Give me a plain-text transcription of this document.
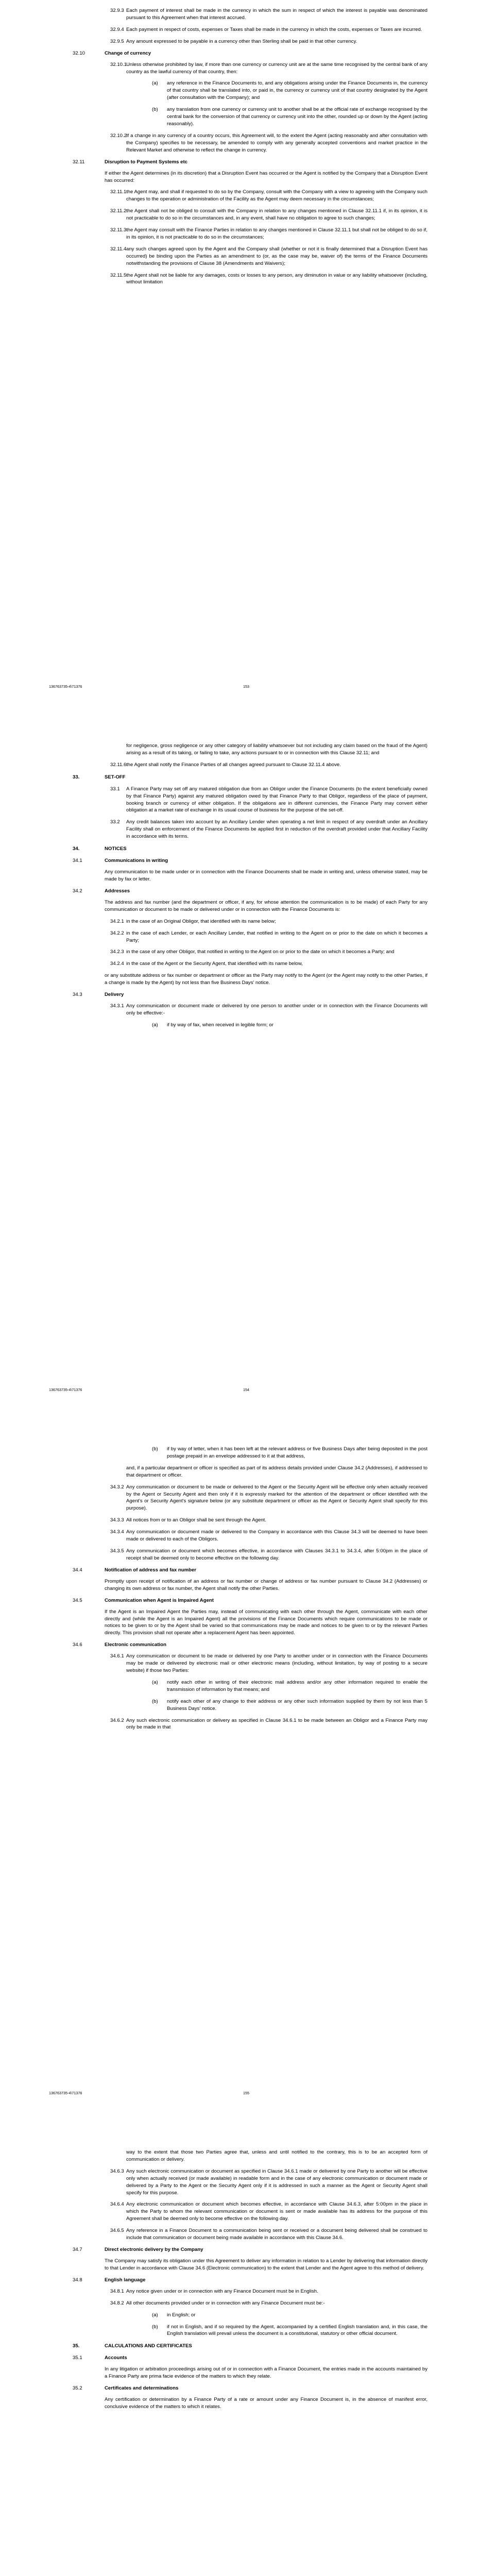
32.9.3 Each payment of interest shall be made in the currency in which the sum in respect of which the interest is payable was denominated pursuant to this Agreement when that interest accrued.
32.9.4 Each payment in respect of costs, expenses or Taxes shall be made in the currency in which the costs, expenses or Taxes are incurred.
32.9.5 Any amount expressed to be payable in a currency other than Sterling shall be paid in that other currency.
32.10	Change of currency
32.10.1
Unless otherwise prohibited by law, if more than one currency or currency unit are at the same time recognised by the central bank of any country as the lawful currency of that country, then:
(a) any reference in the Finance Documents to, and any obligations arising under the Finance Documents in, the currency of that country shall be translated into, or paid in, the currency or currency unit of that country designated by the Agent (after consultation with the Company); and
(b) any translation from one currency or currency unit to another shall be at the official rate of exchange recognised by the central bank for the conversion of that currency or currency unit into the other, rounded up or down by the Agent (acting reasonably).
32.10.2
If a change in any currency of a country occurs, this Agreement will, to the extent the Agent (acting reasonably and after consultation with the Company) specifies to be necessary, be amended to comply with any generally accepted conventions and market practice in the Relevant Market and otherwise to reflect the change in currency.
32.11	Disruption to Payment Systems etc
If either the Agent determines (in its discretion) that a Disruption Event has occurred or the Agent is notified by the Company that a Disruption Event has occurred:
32.11.1 the Agent may, and shall if requested to do so by the Company, consult with the Company with a view to agreeing with the Company such changes to the operation or administration of the Facility as the Agent may deem necessary in the circumstances;
32.11.2 the Agent shall not be obliged to consult with the Company in relation to any changes mentioned in Clause 32.11.1 if, in its opinion, it is not practicable to do so in the circumstances and, in any event, shall have no obligation to agree to such changes;
32.11.3 the Agent may consult with the Finance Parties in relation to any changes mentioned in Clause 32.11.1 but shall not be obliged to do so if, in its opinion, it is not practicable to do so in the circumstances;
32.11.4 any such changes agreed upon by the Agent and the Company shall (whether or not it is finally determined that a Disruption Event has occurred) be binding upon the Parties as an amendment to (or, as the case may be, waiver of) the terms of the Finance Documents notwithstanding the provisions of Clause 38 (Amendments and Waivers);
32.11.5 the Agent shall not be liable for any damages, costs or losses to any person, any diminution in value or any liability whatsoever (including, without limitation
136763735-4\71376	153
for negligence, gross negligence or any other category of liability whatsoever but not including any claim based on the fraud of the Agent) arising as a result of its taking, or failing to take, any actions pursuant to or in connection with this Clause 32.11; and
32.11.6 the Agent shall notify the Finance Parties of all changes agreed pursuant to Clause 32.11.4 above.
33.	SET-OFF
33.1 A Finance Party may set off any matured obligation due from an Obligor under the Finance Documents (to the extent beneficially owned by that Finance Party) against any matured obligation owed by that Finance Party to that Obligor, regardless of the place of payment, booking branch or currency of either obligation. If the obligations are in different currencies, the Finance Party may convert either obligation at a market rate of exchange in its usual course of business for the purpose of the set-off.
33.2 Any credit balances taken into account by an Ancillary Lender when operating a net limit in respect of any overdraft under an Ancillary Facility shall on enforcement of the Finance Documents be applied first in reduction of the overdraft provided under that Ancillary Facility in accordance with its terms.
34.	NOTICES
34.1	Communications in writing
Any communication to be made under or in connection with the Finance Documents shall be made in writing and, unless otherwise stated, may be made by fax or letter.
34.2	Addresses
The address and fax number (and the department or officer, if any, for whose attention the communication is to be made) of each Party for any communication or document to be made or delivered under or in connection with the Finance Documents is:
34.2.1 in the case of an Original Obligor, that identified with its name below;
34.2.2 in the case of each Lender, or each Ancillary Lender, that notified in writing to the Agent on or prior to the date on which it becomes a Party;
34.2.3 in the case of any other Obligor, that notified in writing to the Agent on or prior to the date on which it becomes a Party; and
34.2.4 in the case of the Agent or the Security Agent, that identified with its name below,
or any substitute address or fax number or department or officer as the Party may notify to the Agent (or the Agent may notify to the other Parties, if a change is made by the Agent) by not less than five Business Days' notice.
34.3	Delivery
34.3.1 Any communication or document made or delivered by one person to another under or in connection with the Finance Documents will only be effective:-
(a) if by way of fax, when received in legible form; or
136763735-4\71376	154
(b) if by way of letter, when it has been left at the relevant address or five Business Days after being deposited in the post postage prepaid in an envelope addressed to it at that address,
and, if a particular department or officer is specified as part of its address details provided under Clause 34.2 (Addresses), if addressed to that department or officer.
34.3.2 Any communication or document to be made or delivered to the Agent or the Security Agent will be effective only when actually received by the Agent or Security Agent and then only if it is expressly marked for the attention of the department or officer identified with the Agent's or Security Agent's signature below (or any substitute department or officer as the Agent or Security Agent shall specify for this purpose).
34.3.3 All notices from or to an Obligor shall be sent through the Agent.
34.3.4 Any communication or document made or delivered to the Company in accordance with this Clause 34.3 will be deemed to have been made or delivered to each of the Obligors.
34.3.5 Any communication or document which becomes effective, in accordance with Clauses 34.3.1 to 34.3.4, after 5:00pm in the place of receipt shall be deemed only to become effective on the following day.
34.4	Notification of address and fax number
Promptly upon receipt of notification of an address or fax number or change of address or fax number pursuant to Clause 34.2 (Addresses) or changing its own address or fax number, the Agent shall notify the other Parties.
34.5	Communication when Agent is Impaired Agent
If the Agent is an Impaired Agent the Parties may, instead of communicating with each other through the Agent, communicate with each other directly and (while the Agent is an Impaired Agent) all the provisions of the Finance Documents which require communications to be made or notices to be given to or by the Agent shall be varied so that communications may be made and notices to be given to or by the relevant Parties directly. This provision shall not operate after a replacement Agent has been appointed.
34.6	Electronic communication
34.6.1 Any communication or document to be made or delivered by one Party to another under or in connection with the Finance Documents may be made or delivered by electronic mail or other electronic means (including, without limitation, by way of posting to a secure website) if those two Parties:
(a) notify each other in writing of their electronic mail address and/or any other information required to enable the transmission of information by that means; and
(b) notify each other of any change to their address or any other such information supplied by them by not less than 5 Business Days' notice.
34.6.2 Any such electronic communication or delivery as specified in Clause 34.6.1 to be made between an Obligor and a Finance Party may only be made in that
136763735-4\71376	155
way to the extent that those two Parties agree that, unless and until notified to the contrary, this is to be an accepted form of communication or delivery.
34.6.3 Any such electronic communication or document as specified in Clause 34.6.1 made or delivered by one Party to another will be effective only when actually received (or made available) in readable form and in the case of any electronic communication or document made or delivered by a Party to the Agent or the Security Agent only if it is addressed in such a manner as the Agent or Security Agent shall specify for this purpose.
34.6.4 Any electronic communication or document which becomes effective, in accordance with Clause 34.6.3, after 5:00pm in the place in which the Party to whom the relevant communication or document is sent or made available has its address for the purpose of this Agreement shall be deemed only to become effective on the following day.
34.6.5 Any reference in a Finance Document to a communication being sent or received or a document being delivered shall be construed to include that communication or document being made available in accordance with this Clause 34.6.
34.7	Direct electronic delivery by the Company
The Company may satisfy its obligation under this Agreement to deliver any information in relation to a Lender by delivering that information directly to that Lender in accordance with Clause 34.6 (Electronic communication) to the extent that Lender and the Agent agree to this method of delivery.
34.8	English language
34.8.1 Any notice given under or in connection with any Finance Document must be in English.
34.8.2 All other documents provided under or in connection with any Finance Document must be:-
(a) in English; or
(b) if not in English, and if so required by the Agent, accompanied by a certified English translation and, in this case, the English translation will prevail unless the document is a constitutional, statutory or other official document.
35.	CALCULATIONS AND CERTIFICATES
35.1	Accounts
In any litigation or arbitration proceedings arising out of or in connection with a Finance Document, the entries made in the accounts maintained by a Finance Party are prima facie evidence of the matters to which they relate.
35.2	Certificates and determinations
Any certification or determination by a Finance Party of a rate or amount under any Finance Document is, in the absence of manifest error, conclusive evidence of the matters to which it relates.
